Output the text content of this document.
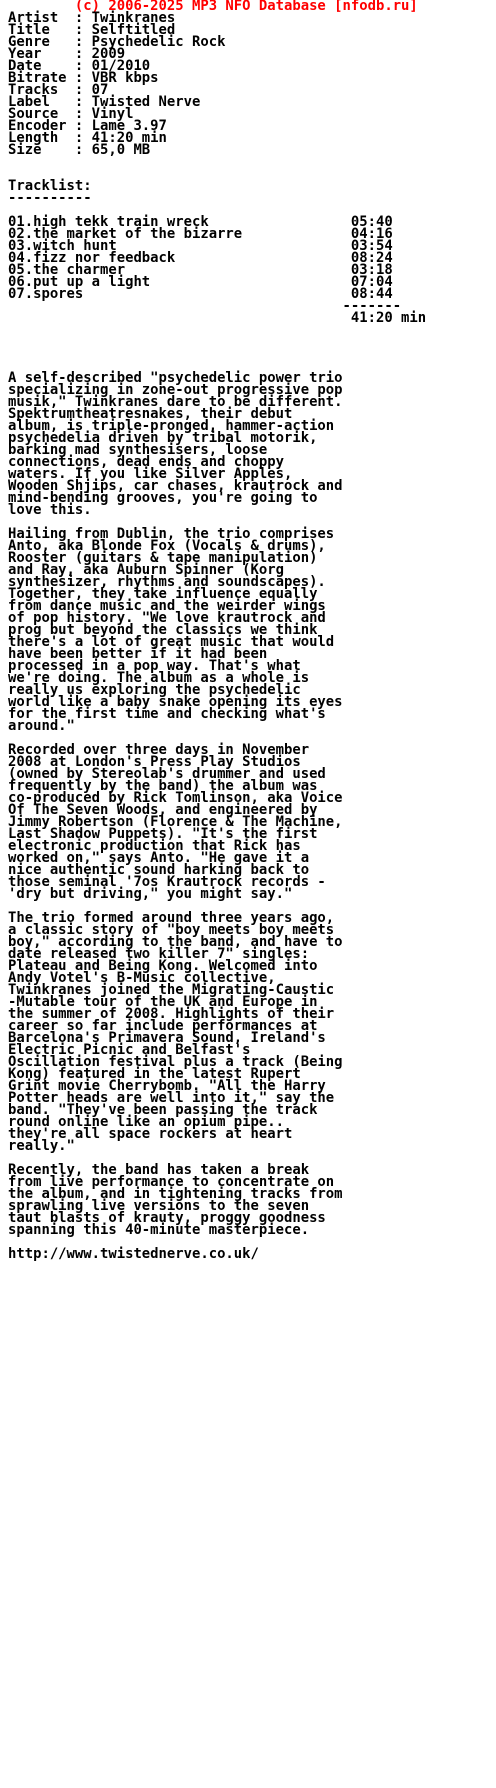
(c) 2006-2025 MP3 NFO Database [nfodb.ru]
Artist  : Twinkranes
Title   : Selftitled
Genre   : Psychedelic Rock
Year    : 2009
Date    : 01/2010
Bitrate : VBR kbps
Tracks  : 07
Label   : Twisted Nerve
Source  : Vinyl
Encoder : Lame 3.97
Length  : 41:20 min
Size    : 65,0 MB
Tracklist:
----------
01.high tekk train wreck                 05:40
02.the market of the bizarre             04:16
03.witch hunt                            03:54
04.fizz nor feedback                     08:24
05.the charmer                           03:18
06.put up a light                        07:04
07.spores                                08:44
-------
41:20 min
A self-described "psychedelic power trio
specializing in zone-out progressive pop
musik," Twinkranes dare to be different.
Spektrumtheatresnakes, their debut
album, is triple-pronged, hammer-action
psychedelia driven by tribal motorik,
barking mad synthesisers, loose
connections, dead ends and choppy
waters. If you like Silver Apples,
Wooden Shjips, car chases, krautrock and
mind-bending grooves, you're going to
love this.
Hailing from Dublin, the trio comprises
Anto, aka Blonde Fox (Vocals & drums),
Rooster (guitars & tape manipulation)
and Ray, aka Auburn Spinner (Korg
synthesizer, rhythms and soundscapes).
Together, they take influence equally
from dance music and the weirder wings
of pop history. "We love krautrock and
prog but beyond the classics we think
there's a lot of great music that would
have been better if it had been
processed in a pop way. That's what
we're doing. The album as a whole is
really us exploring the psychedelic
world like a baby snake opening its eyes
for the first time and checking what's
around."
Recorded over three days in November
2008 at London's Press Play Studios
(owned by Stereolab's drummer and used
frequently by the band) the album was
co-produced by Rick Tomlinson, aka Voice
Of The Seven Woods, and engineered by
Jimmy Robertson (Florence & The Machine,
Last Shadow Puppets). "It's the first
electronic production that Rick has
worked on," says Anto. "He gave it a
nice authentic sound harking back to
those seminal '7os Krautrock records -
'dry but driving," you might say."
The trio formed around three years ago,
a classic story of "boy meets boy meets
boy," according to the band, and have to
date released two killer 7" singles:
Plateau and Being Kong. Welcomed into
Andy Votel's B-Music collective,
Twinkranes joined the Migrating-Caustic
-Mutable tour of the UK and Europe in
the summer of 2008. Highlights of their
career so far include performances at
Barcelona's Primavera Sound, Ireland's
Electric Picnic and Belfast's
Oscillation festival plus a track (Being
Kong) featured in the latest Rupert
Grint movie Cherrybomb. "All the Harry
Potter heads are well into it," say the
band. "They've been passing the track
round online like an opium pipe..
they're all space rockers at heart
really."
Recently, the band has taken a break
from live performance to concentrate on
the album, and in tightening tracks from
sprawling live versions to the seven
taut blasts of krauty, proggy goodness
spanning this 40-minute masterpiece.
http://www.twistednerve.co.uk/
